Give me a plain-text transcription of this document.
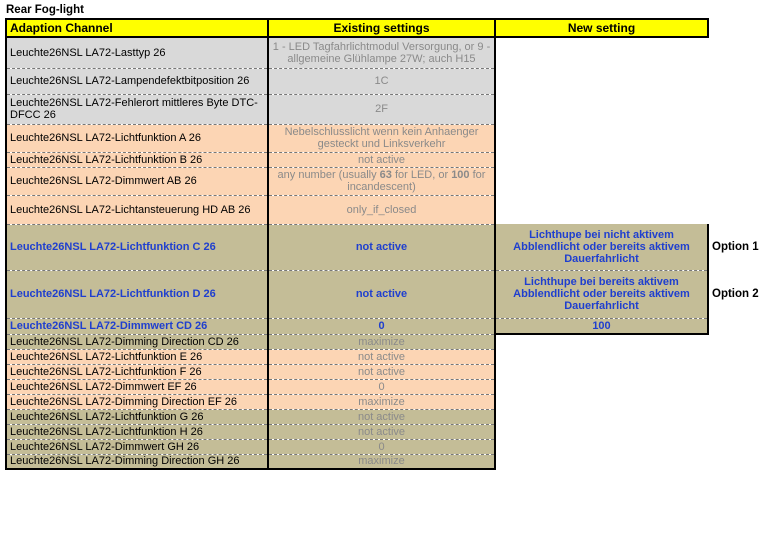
Rear Fog-light
Adaption Channel	Existing settings	New setting	
Leuchte26NSL LA72-Lasttyp 26	1 - LED Tagfahrlichtmodul Versorgung, or 9 - allgemeine Glühlampe 27W; auch H15		
Leuchte26NSL LA72-Lampendefektbitposition 26	1C		
Leuchte26NSL LA72-Fehlerort mittleres Byte DTC-DFCC 26	2F		
Leuchte26NSL LA72-Lichtfunktion A 26	Nebelschlusslicht wenn kein Anhaenger gesteckt und Linksverkehr		
Leuchte26NSL LA72-Lichtfunktion B 26	not active		
Leuchte26NSL LA72-Dimmwert AB 26	any number (usually 63 for LED, or 100 for incandescent)		
Leuchte26NSL LA72-Lichtansteuerung HD AB 26	only_if_closed		
Leuchte26NSL LA72-Lichtfunktion C 26	not active	Lichthupe bei nicht aktivem Abblendlicht oder bereits aktivem Dauerfahrlicht	Option 1
Leuchte26NSL LA72-Lichtfunktion D 26	not active	Lichthupe bei bereits aktivem Abblendlicht oder bereits aktivem Dauerfahrlicht	Option 2
Leuchte26NSL LA72-Dimmwert CD 26	0	100	
Leuchte26NSL LA72-Dimming Direction CD 26	maximize		
Leuchte26NSL LA72-Lichtfunktion E 26	not active		
Leuchte26NSL LA72-Lichtfunktion F 26	not active		
Leuchte26NSL LA72-Dimmwert EF 26	0		
Leuchte26NSL LA72-Dimming Direction EF 26	maximize		
Leuchte26NSL LA72-Lichtfunktion G 26	not active		
Leuchte26NSL LA72-Lichtfunktion H 26	not active		
Leuchte26NSL LA72-Dimmwert GH 26	0		
Leuchte26NSL LA72-Dimming Direction GH 26	maximize		
